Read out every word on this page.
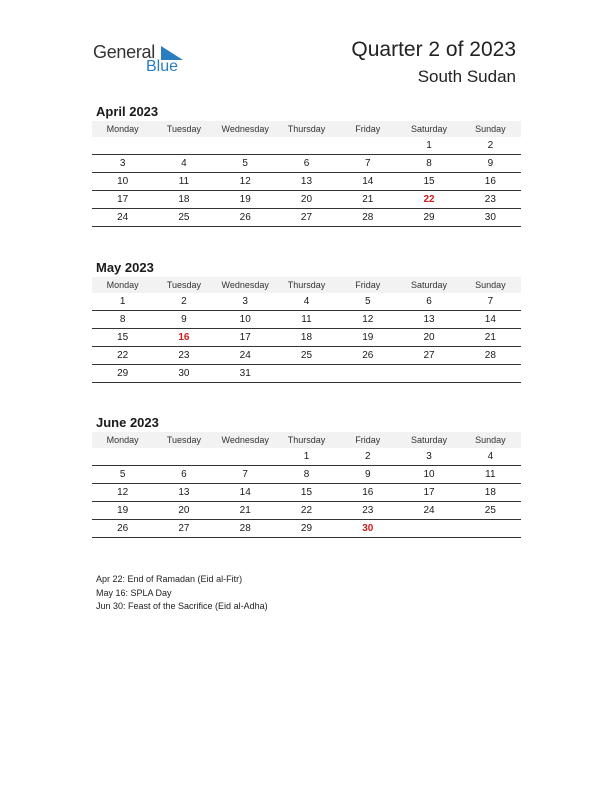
General
Blue
Quarter 2 of 2023
South Sudan
April 2023
Monday	Tuesday	Wednesday	Thursday	Friday	Saturday	Sunday
					1	2
3	4	5	6	7	8	9
10	11	12	13	14	15	16
17	18	19	20	21	22	23
24	25	26	27	28	29	30
May 2023
Monday	Tuesday	Wednesday	Thursday	Friday	Saturday	Sunday
1	2	3	4	5	6	7
8	9	10	11	12	13	14
15	16	17	18	19	20	21
22	23	24	25	26	27	28
29	30	31				
June 2023
Monday	Tuesday	Wednesday	Thursday	Friday	Saturday	Sunday
			1	2	3	4
5	6	7	8	9	10	11
12	13	14	15	16	17	18
19	20	21	22	23	24	25
26	27	28	29	30		
Apr 22: End of Ramadan (Eid al-Fitr)
May 16: SPLA Day
Jun 30: Feast of the Sacrifice (Eid al-Adha)
